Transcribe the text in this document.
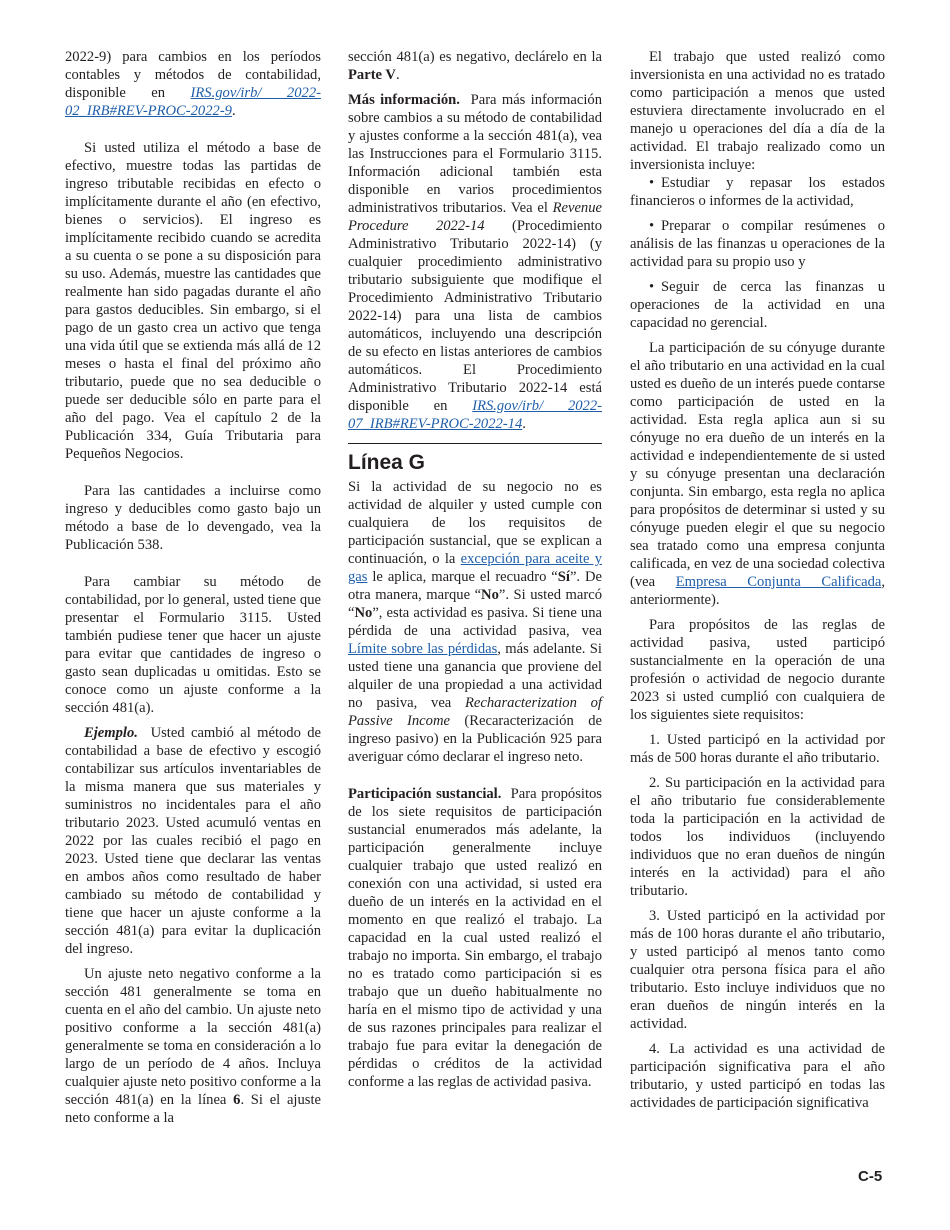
2022-9) para cambios en los períodos contables y métodos de contabilidad, disponible en IRS.gov/irb/ 2022-02_IRB#REV-PROC-2022-9.

Si usted utiliza el método a base de efectivo, muestre todas las partidas de ingreso tributable recibidas en efecto o implícitamente durante el año (en efectivo, bienes o servicios). El ingreso es implícitamente recibido cuando se acredita a su cuenta o se pone a su disposición para su uso. Además, muestre las cantidades que realmente han sido pagadas durante el año para gastos deducibles. Sin embargo, si el pago de un gasto crea un activo que tenga una vida útil que se extienda más allá de 12 meses o hasta el final del próximo año tributario, puede que no sea deducible o puede ser deducible sólo en parte para el año del pago. Vea el capítulo 2 de la Publicación 334, Guía Tributaria para Pequeños Negocios.

Para las cantidades a incluirse como ingreso y deducibles como gasto bajo un método a base de lo devengado, vea la Publicación 538.

Para cambiar su método de contabilidad, por lo general, usted tiene que presentar el Formulario 3115. Usted también pudiese tener que hacer un ajuste para evitar que cantidades de ingreso o gasto sean duplicadas u omitidas. Esto se conoce como un ajuste conforme a la sección 481(a).

Ejemplo. Usted cambió al método de contabilidad a base de efectivo y escogió contabilizar sus artículos inventariables de la misma manera que sus materiales y suministros no incidentales para el año tributario 2023. Usted acumuló ventas en 2022 por las cuales recibió el pago en 2023. Usted tiene que declarar las ventas en ambos años como resultado de haber cambiado su método de contabilidad y tiene que hacer un ajuste conforme a la sección 481(a) para evitar la duplicación del ingreso.

Un ajuste neto negativo conforme a la sección 481 generalmente se toma en cuenta en el año del cambio. Un ajuste neto positivo conforme a la sección 481(a) generalmente se toma en consideración a lo largo de un período de 4 años. Incluya cualquier ajuste neto positivo conforme a la sección 481(a) en la línea 6. Si el ajuste neto conforme a la

sección 481(a) es negativo, declárelo en la Parte V.

Más información. Para más información sobre cambios a su método de contabilidad y ajustes conforme a la sección 481(a), vea las Instrucciones para el Formulario 3115. Información adicional también esta disponible en varios procedimientos administrativos tributarios. Vea el Revenue Procedure 2022-14 (Procedimiento Administrativo Tributario 2022-14) (y cualquier procedimiento administrativo tributario subsiguiente que modifique el Procedimiento Administrativo Tributario 2022-14) para una lista de cambios automáticos, incluyendo una descripción de su efecto en listas anteriores de cambios automáticos. El Procedimiento Administrativo Tributario 2022-14 está disponible en IRS.gov/irb/ 2022-07_IRB#REV-PROC-2022-14.

Línea G

Si la actividad de su negocio no es actividad de alquiler y usted cumple con cualquiera de los requisitos de participación sustancial, que se explican a continuación, o la excepción para aceite y gas le aplica, marque el recuadro “Sí”. De otra manera, marque “No”. Si usted marcó “No”, esta actividad es pasiva. Si tiene una pérdida de una actividad pasiva, vea Límite sobre las pérdidas, más adelante. Si usted tiene una ganancia que proviene del alquiler de una propiedad a una actividad no pasiva, vea Recharacterization of Passive Income (Recaracterización de ingreso pasivo) en la Publicación 925 para averiguar cómo declarar el ingreso neto.

Participación sustancial. Para propósitos de los siete requisitos de participación sustancial enumerados más adelante, la participación generalmente incluye cualquier trabajo que usted realizó en conexión con una actividad, si usted era dueño de un interés en la actividad en el momento en que realizó el trabajo. La capacidad en la cual usted realizó el trabajo no importa. Sin embargo, el trabajo no es tratado como participación si es trabajo que un dueño habitualmente no haría en el mismo tipo de actividad y una de sus razones principales para realizar el trabajo fue para evitar la denegación de pérdidas o créditos de la actividad conforme a las reglas de actividad pasiva.

El trabajo que usted realizó como inversionista en una actividad no es tratado como participación a menos que usted estuviera directamente involucrado en el manejo u operaciones del día a día de la actividad. El trabajo realizado como un inversionista incluye:

• Estudiar y repasar los estados financieros o informes de la actividad,

• Preparar o compilar resúmenes o análisis de las finanzas u operaciones de la actividad para su propio uso y

• Seguir de cerca las finanzas u operaciones de la actividad en una capacidad no gerencial.

La participación de su cónyuge durante el año tributario en una actividad en la cual usted es dueño de un interés puede contarse como participación de usted en la actividad. Esta regla aplica aun si su cónyuge no era dueño de un interés en la actividad e independientemente de si usted y su cónyuge presentan una declaración conjunta. Sin embargo, esta regla no aplica para propósitos de determinar si usted y su cónyuge pueden elegir el que su negocio sea tratado como una empresa conjunta calificada, en vez de una sociedad colectiva (vea Empresa Conjunta Calificada, anteriormente).

Para propósitos de las reglas de actividad pasiva, usted participó sustancialmente en la operación de una profesión o actividad de negocio durante 2023 si usted cumplió con cualquiera de los siguientes siete requisitos:

1. Usted participó en la actividad por más de 500 horas durante el año tributario.

2. Su participación en la actividad para el año tributario fue considerablemente toda la participación en la actividad de todos los individuos (incluyendo individuos que no eran dueños de ningún interés en la actividad) para el año tributario.

3. Usted participó en la actividad por más de 100 horas durante el año tributario, y usted participó al menos tanto como cualquier otra persona física para el año tributario. Esto incluye individuos que no eran dueños de ningún interés en la actividad.

4. La actividad es una actividad de participación significativa para el año tributario, y usted participó en todas las actividades de participación significativa

C-5
